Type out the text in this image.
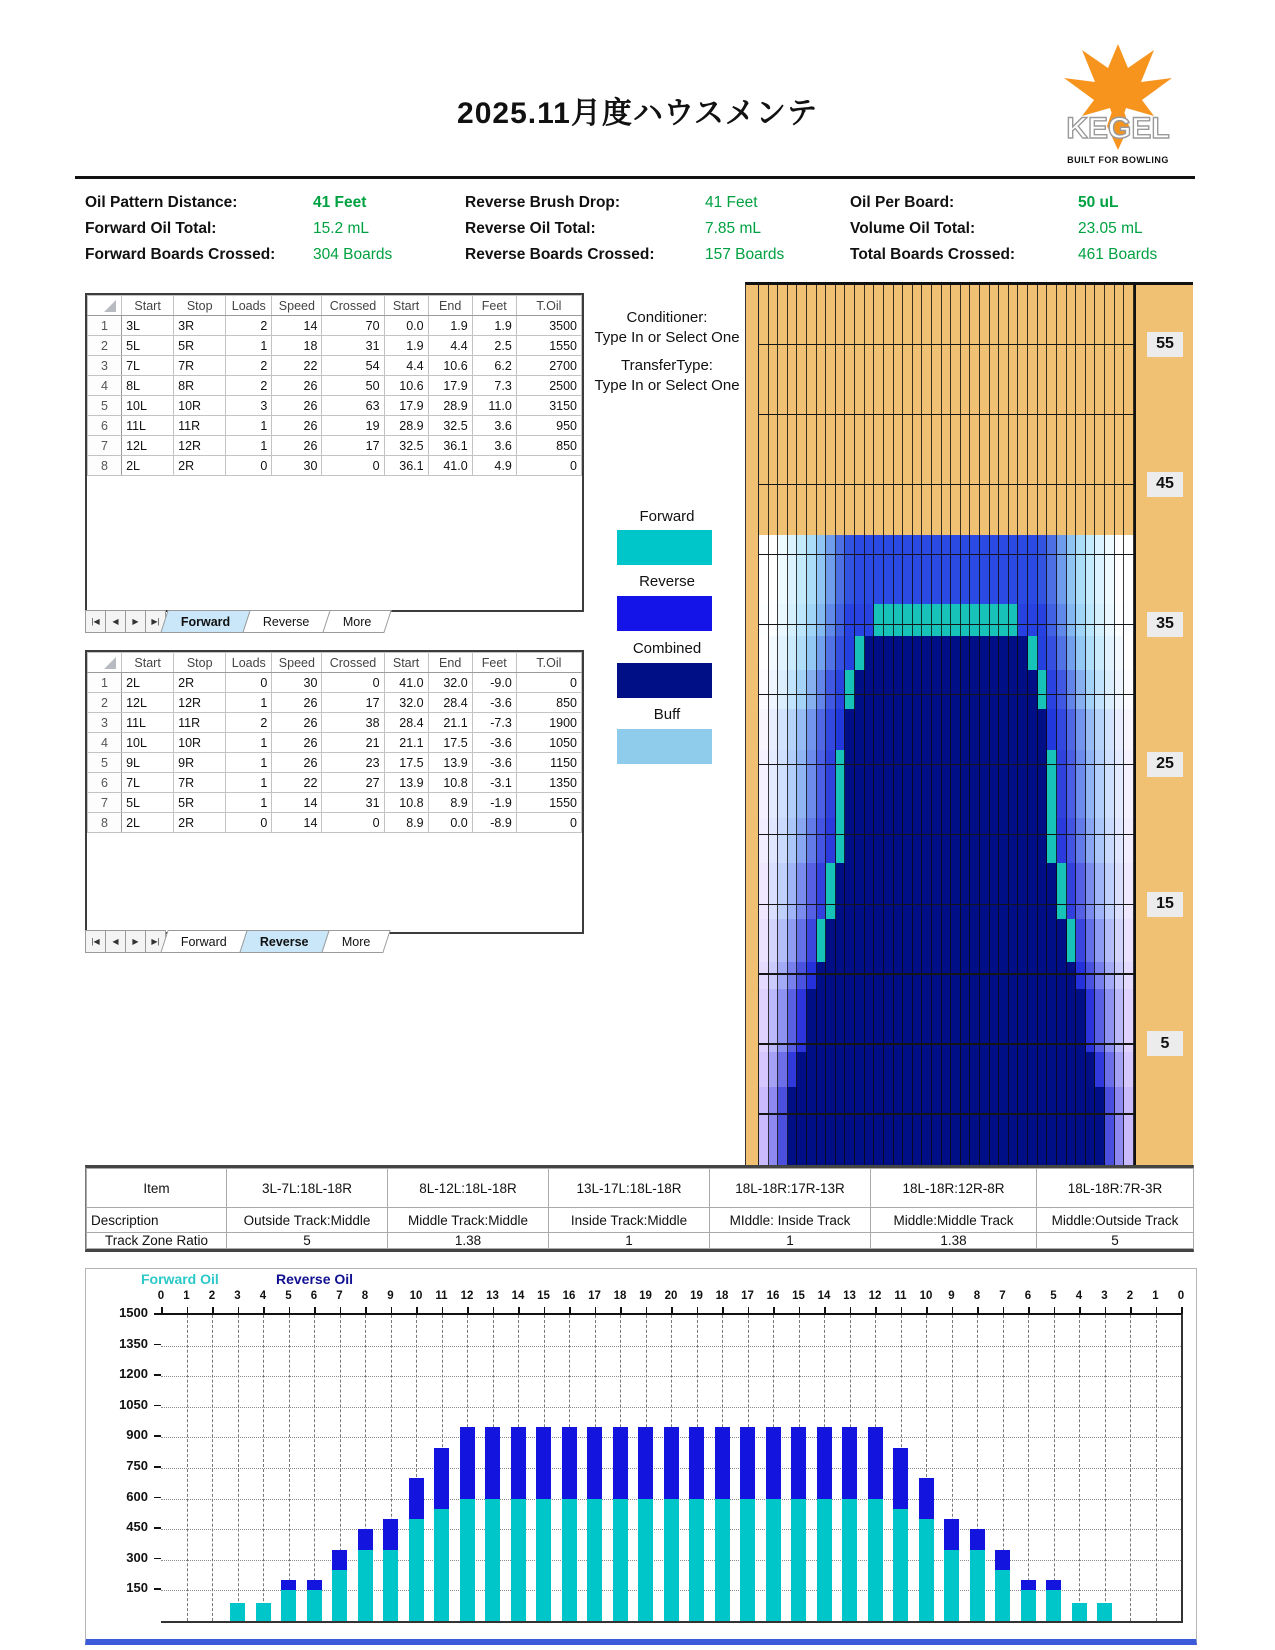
2025.11月度ハウスメンテ	KEGEL
BUILT FOR BOWLING
Oil Pattern Distance:	41 Feet
Forward Oil Total:	15.2 mL
Forward Boards Crossed: 304 Boards
Reverse Brush Drop:	41 Feet
Reverse Oil Total:	7.85 mL
Reverse Boards Crossed:	157 Boards
Oil Per Board:	50 uL
Volume Oil Total:	23.05 mL
Total Boards Crossed:	461 Boards
	Start	Stop	Loads	Speed	Crossed	Start	End	Feet	T.Oil
1	3L	3R	2	14	70	0.0	1.9	1.9	3500
2	5L	5R	1	18	31	1.9	4.4	2.5	1550
3	7L	7R	2	22	54	4.4	10.6	6.2	2700
4	8L	8R	2	26	50	10.6	17.9	7.3	2500
5	10L	10R	3	26	63	17.9	28.9	11.0	3150
6	11L	11R	1	26	19	28.9	32.5	3.6	950
7	12L	12R	1	26	17	32.5	36.1	3.6	850
8	2L	2R	0	30	0	36.1	41.0	4.9	0
|◀	◀	▶	▶|	Forward	Reverse	More
	Start	Stop	Loads	Speed	Crossed	Start	End	Feet	T.Oil
1	2L	2R	0	30	0	41.0	32.0	-9.0	0
2	12L	12R	1	26	17	32.0	28.4	-3.6	850
3	11L	11R	2	26	38	28.4	21.1	-7.3	1900
4	10L	10R	1	26	21	21.1	17.5	-3.6	1050
5	9L	9R	1	26	23	17.5	13.9	-3.6	1150
6	7L	7R	1	22	27	13.9	10.8	-3.1	1350
7	5L	5R	1	14	31	10.8	8.9	-1.9	1550
8	2L	2R	0	14	0	8.9	0.0	-8.9	0
|◀	◀	▶	▶|	Forward	Reverse	More
Conditioner:
Type In or Select One
TransferType:
Type In or Select One
Forward
Reverse
Combined
Buff
55
45
35
25
15
5
Item	3L-7L:18L-18R	8L-12L:18L-18R	13L-17L:18L-18R	18L-18R:17R-13R	18L-18R:12R-8R	18L-18R:7R-3R
Description	Outside Track:Middle	Middle Track:Middle	Inside Track:Middle	MIddle: Inside Track	Middle:Middle Track	Middle:Outside Track
Track Zone Ratio	5	1.38	1	1	1.38	5
Forward Oil	Reverse Oil
150
300
450
600
750
900
1050
1200
1350
1500
0	1	2	3	4	5	6	7	8	9	10	11	12	13	14	15	16	17	18	19	20	19	18	17	16	15	14	13	12	11	10	9	8	7	6	5	4	3	2	1	0
